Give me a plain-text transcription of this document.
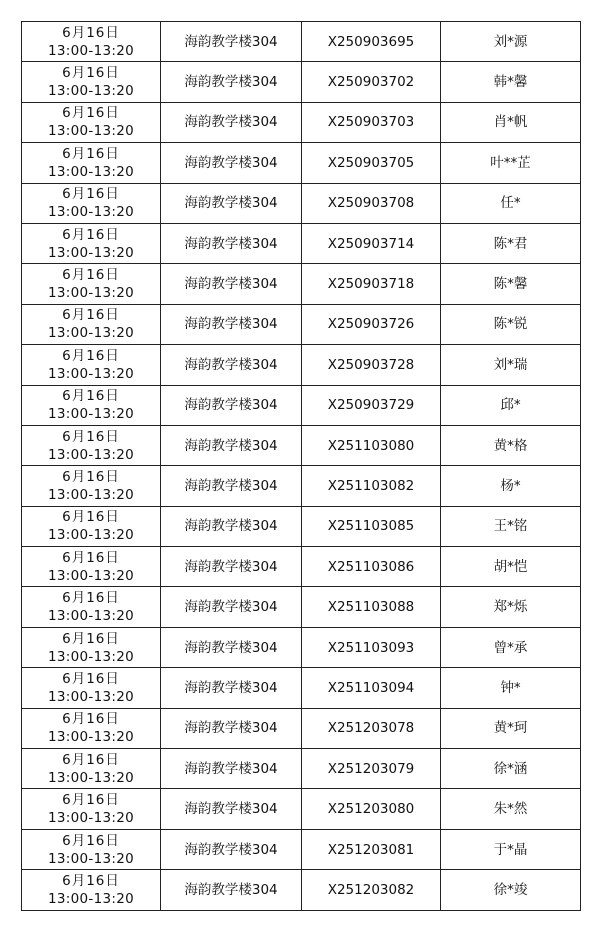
6月16日
13:00-13:20	海韵教学楼304	X250903695	刘*源

6月16日
13:00-13:20	海韵教学楼304	X250903702	韩*馨

6月16日
13:00-13:20	海韵教学楼304	X250903703	肖*帆

6月16日
13:00-13:20	海韵教学楼304	X250903705	叶**芷

6月16日
13:00-13:20	海韵教学楼304	X250903708	任*

6月16日
13:00-13:20	海韵教学楼304	X250903714	陈*君

6月16日
13:00-13:20	海韵教学楼304	X250903718	陈*馨

6月16日
13:00-13:20	海韵教学楼304	X250903726	陈*锐

6月16日
13:00-13:20	海韵教学楼304	X250903728	刘*瑞

6月16日
13:00-13:20	海韵教学楼304	X250903729	邱*

6月16日
13:00-13:20	海韵教学楼304	X251103080	黄*格

6月16日
13:00-13:20	海韵教学楼304	X251103082	杨*

6月16日
13:00-13:20	海韵教学楼304	X251103085	王*铭

6月16日
13:00-13:20	海韵教学楼304	X251103086	胡*恺

6月16日
13:00-13:20	海韵教学楼304	X251103088	郑*烁

6月16日
13:00-13:20	海韵教学楼304	X251103093	曾*承

6月16日
13:00-13:20	海韵教学楼304	X251103094	钟*

6月16日
13:00-13:20	海韵教学楼304	X251203078	黄*珂

6月16日
13:00-13:20	海韵教学楼304	X251203079	徐*涵

6月16日
13:00-13:20	海韵教学楼304	X251203080	朱*然

6月16日
13:00-13:20	海韵教学楼304	X251203081	于*晶

6月16日
13:00-13:20	海韵教学楼304	X251203082	徐*竣
